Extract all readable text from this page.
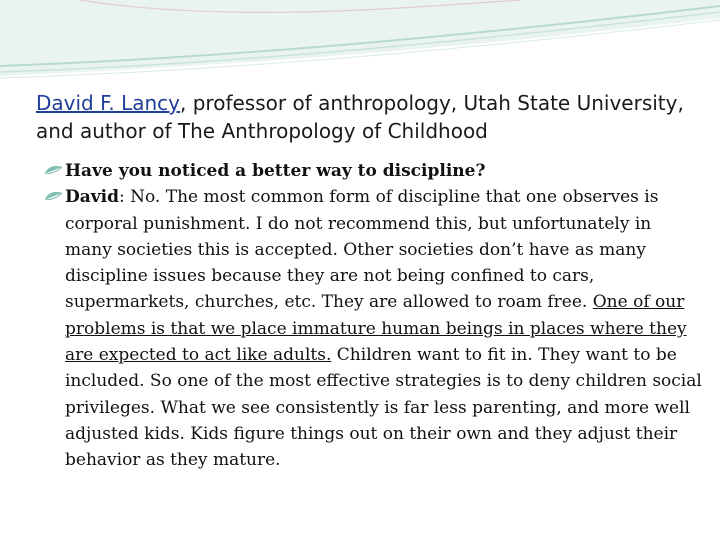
David F. Lancy, professor of anthropology, Utah State University, and author of The Anthropology of Childhood
Have you noticed a better way to discipline?
David: No. The most common form of discipline that one observes is corporal punishment. I do not recommend this, but unfortunately in many societies this is accepted. Other societies don’t have as many discipline issues because they are not being confined to cars, supermarkets, churches, etc. They are allowed to roam free. One of our problems is that we place immature human beings in places where they are expected to act like adults. Children want to fit in. They want to be included. So one of the most effective strategies is to deny children social privileges. What we see consistently is far less parenting, and more well adjusted kids. Kids figure things out on their own and they adjust their behavior as they mature.
